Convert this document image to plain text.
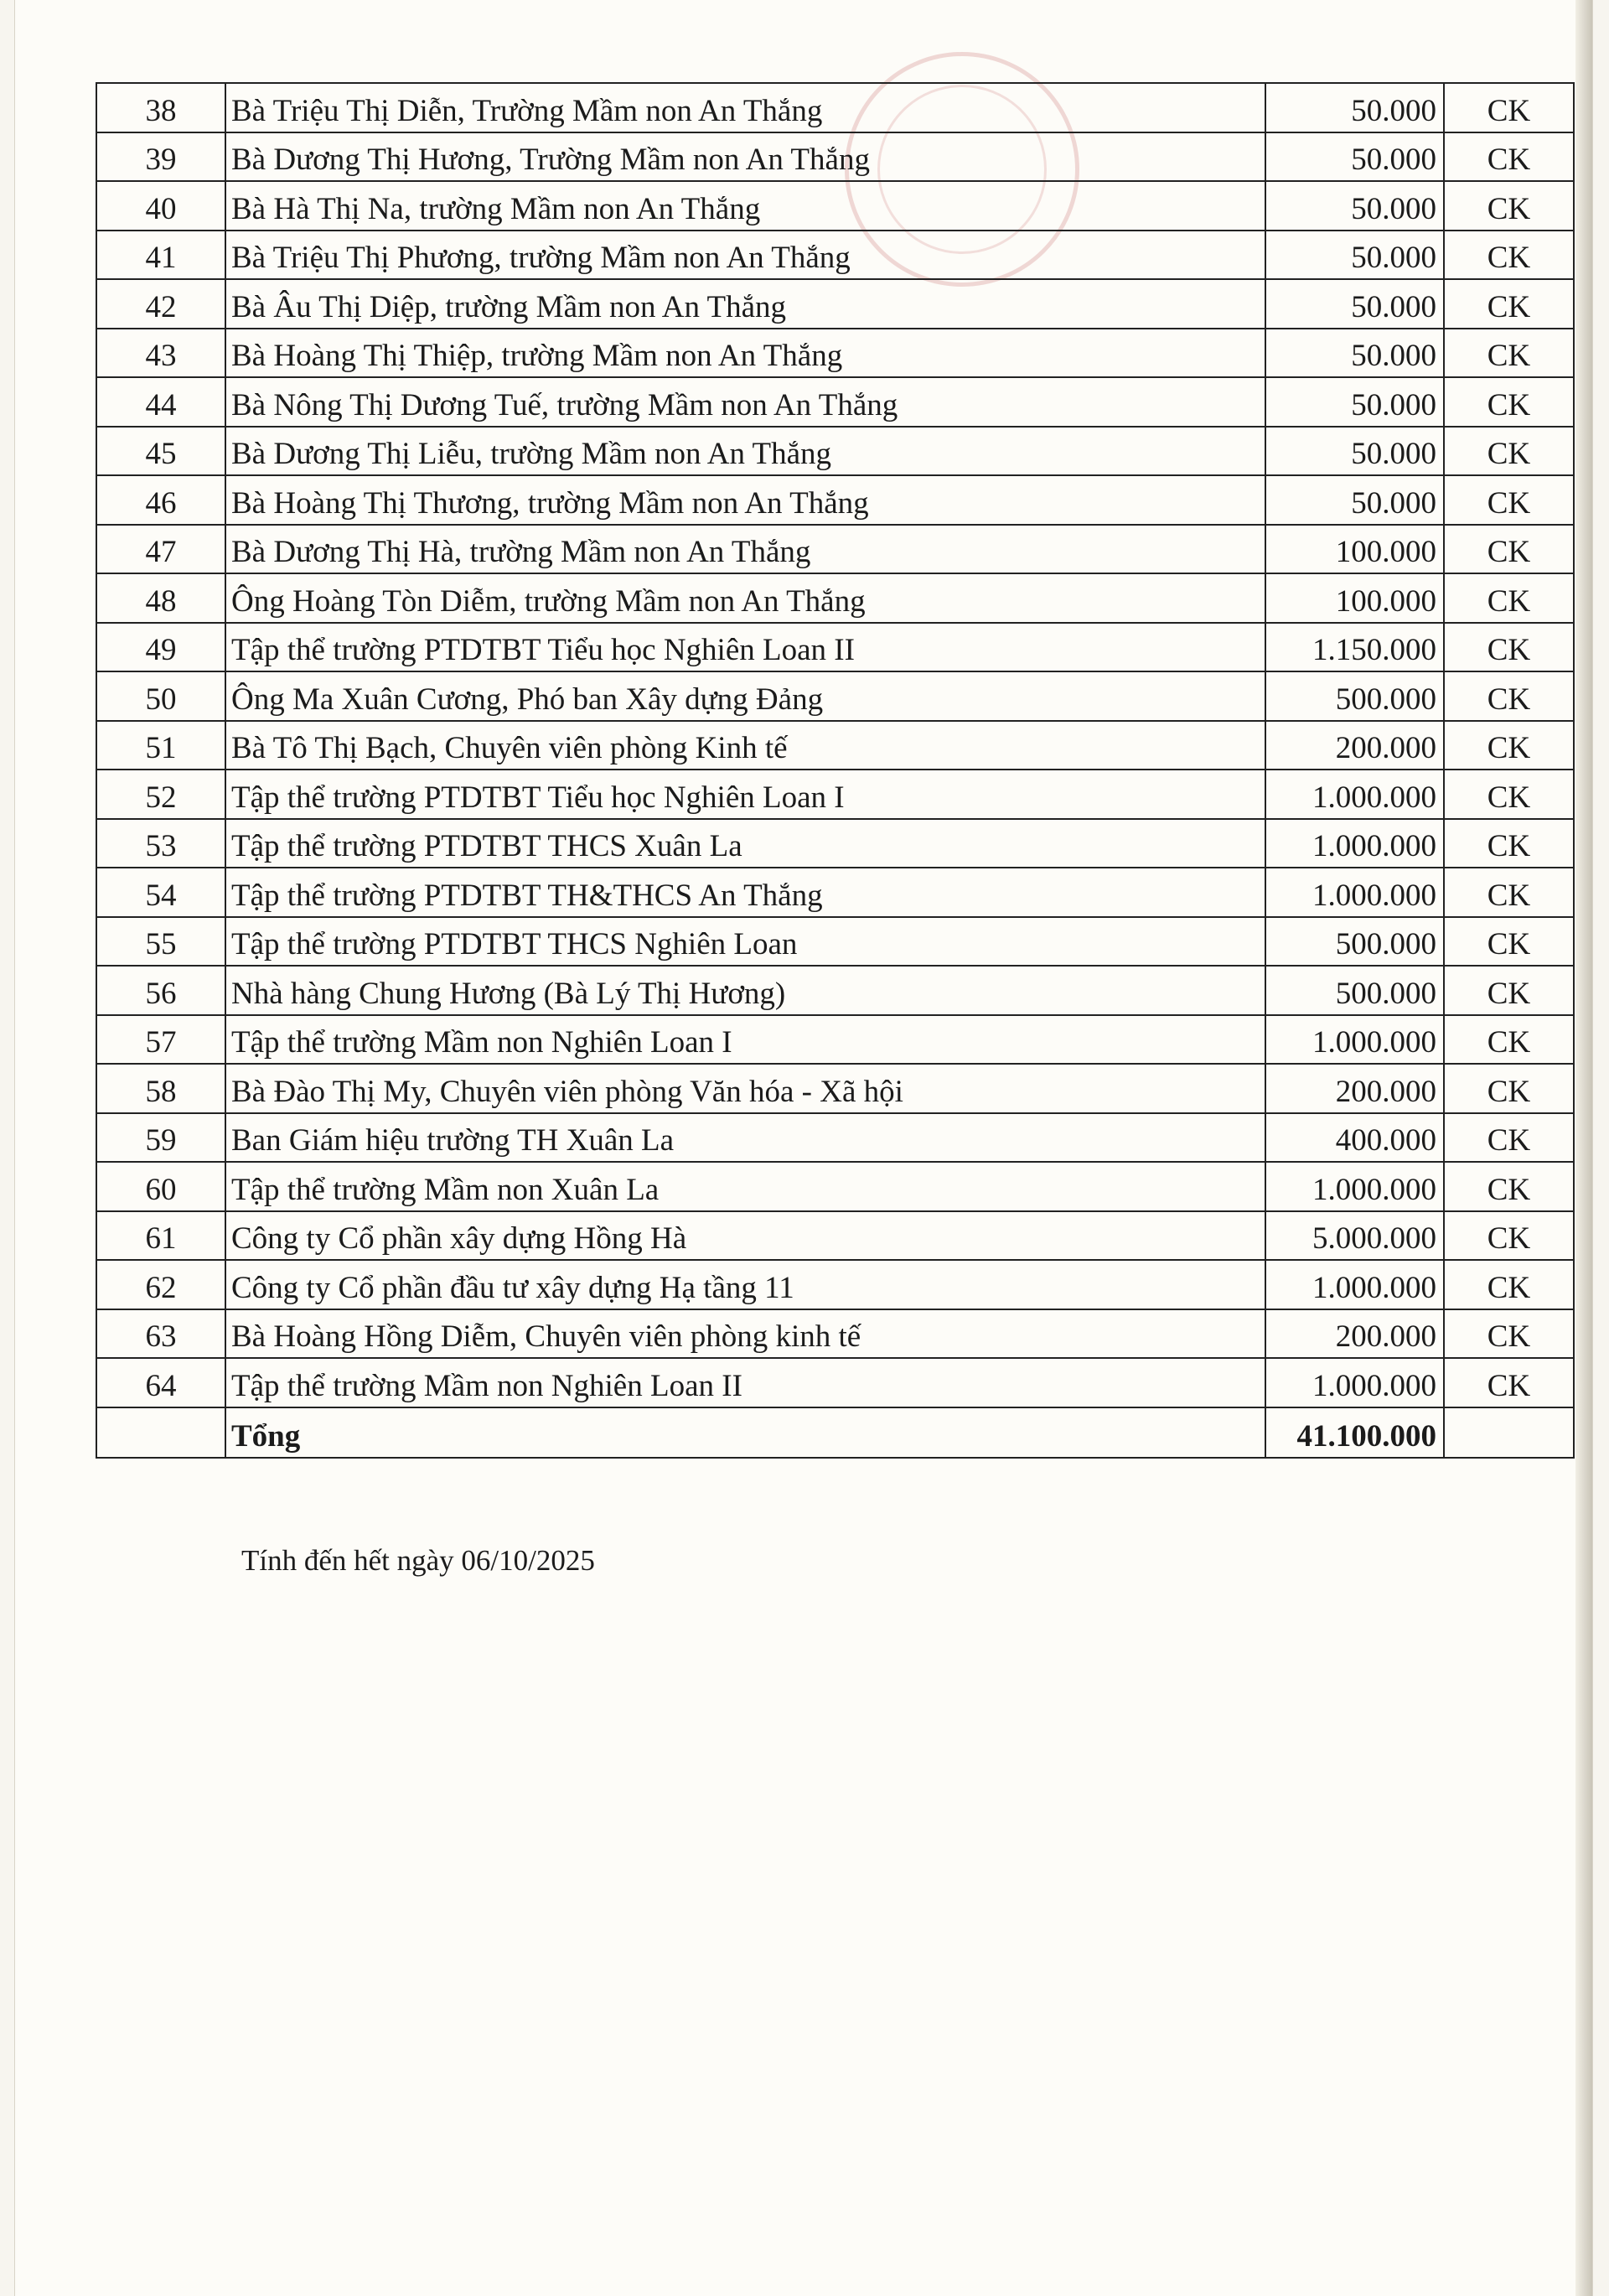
38	Bà Triệu Thị Diễn, Trường Mầm non An Thắng	50.000	CK
39	Bà Dương Thị Hương, Trường Mầm non An Thắng	50.000	CK
40	Bà Hà Thị Na, trường Mầm non An Thắng	50.000	CK
41	Bà Triệu Thị Phương, trường Mầm non An Thắng	50.000	CK
42	Bà Âu Thị Diệp, trường Mầm non An Thắng	50.000	CK
43	Bà Hoàng Thị Thiệp, trường Mầm non An Thắng	50.000	CK
44	Bà Nông Thị Dương Tuế, trường Mầm non An Thắng	50.000	CK
45	Bà Dương Thị Liễu, trường Mầm non An Thắng	50.000	CK
46	Bà Hoàng Thị Thương, trường Mầm non An Thắng	50.000	CK
47	Bà Dương Thị Hà, trường Mầm non An Thắng	100.000	CK
48	Ông Hoàng Tòn Diễm, trường Mầm non An Thắng	100.000	CK
49	Tập thể trường PTDTBT Tiểu học Nghiên Loan II	1.150.000	CK
50	Ông Ma Xuân Cương, Phó ban Xây dựng Đảng	500.000	CK
51	Bà Tô Thị Bạch, Chuyên viên phòng Kinh tế	200.000	CK
52	Tập thể trường PTDTBT Tiểu học Nghiên Loan I	1.000.000	CK
53	Tập thể trường PTDTBT THCS Xuân La	1.000.000	CK
54	Tập thể trường PTDTBT TH&THCS An Thắng	1.000.000	CK
55	Tập thể trường PTDTBT THCS Nghiên Loan	500.000	CK
56	Nhà hàng Chung Hương (Bà Lý Thị Hương)	500.000	CK
57	Tập thể trường Mầm non Nghiên Loan I	1.000.000	CK
58	Bà Đào Thị My, Chuyên viên phòng Văn hóa - Xã hội	200.000	CK
59	Ban Giám hiệu trường TH Xuân La	400.000	CK
60	Tập thể trường Mầm non Xuân La	1.000.000	CK
61	Công ty Cổ phần xây dựng Hồng Hà	5.000.000	CK
62	Công ty Cổ phần đầu tư xây dựng Hạ tầng 11	1.000.000	CK
63	Bà Hoàng Hồng Diễm, Chuyên viên phòng kinh tế	200.000	CK
64	Tập thể trường Mầm non Nghiên Loan II	1.000.000	CK
	Tổng	41.100.000	
Tính đến hết ngày 06/10/2025
